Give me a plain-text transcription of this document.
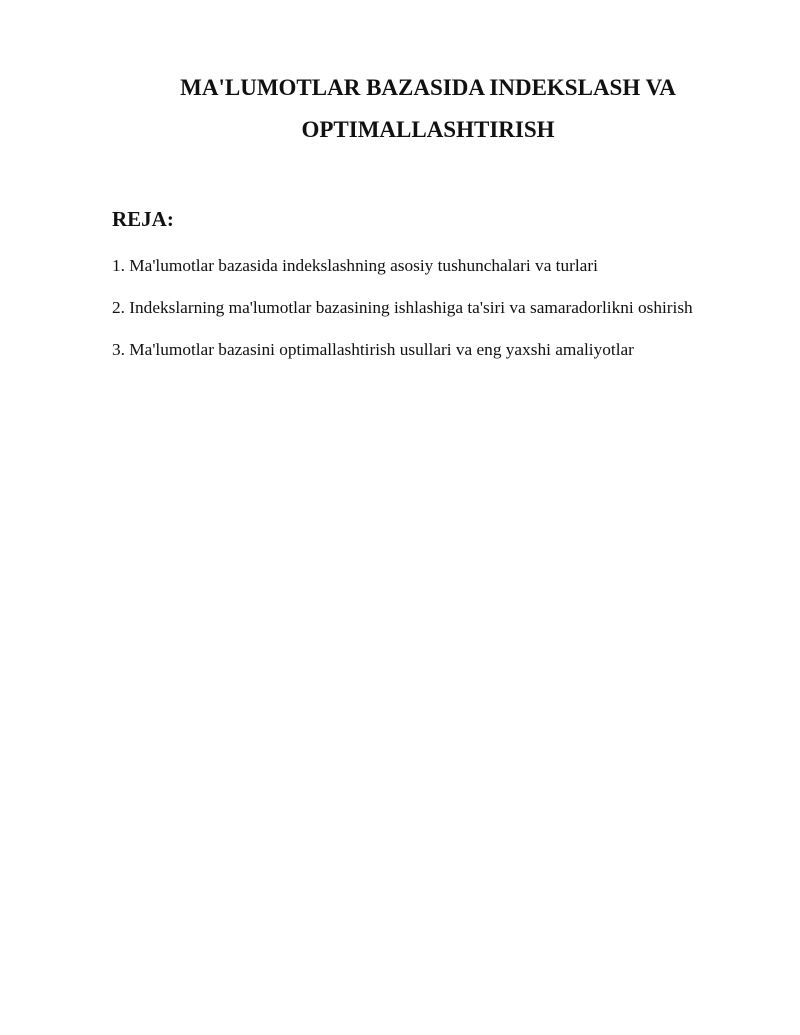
MA'LUMOTLAR BAZASIDA INDEKSLASH VA
OPTIMALLASHTIRISH
REJA:
1. Ma'lumotlar bazasida indekslashning asosiy tushunchalari va turlari
2. Indekslarning ma'lumotlar bazasining ishlashiga ta'siri va samaradorlikni oshirish
3. Ma'lumotlar bazasini optimallashtirish usullari va eng yaxshi amaliyotlar
